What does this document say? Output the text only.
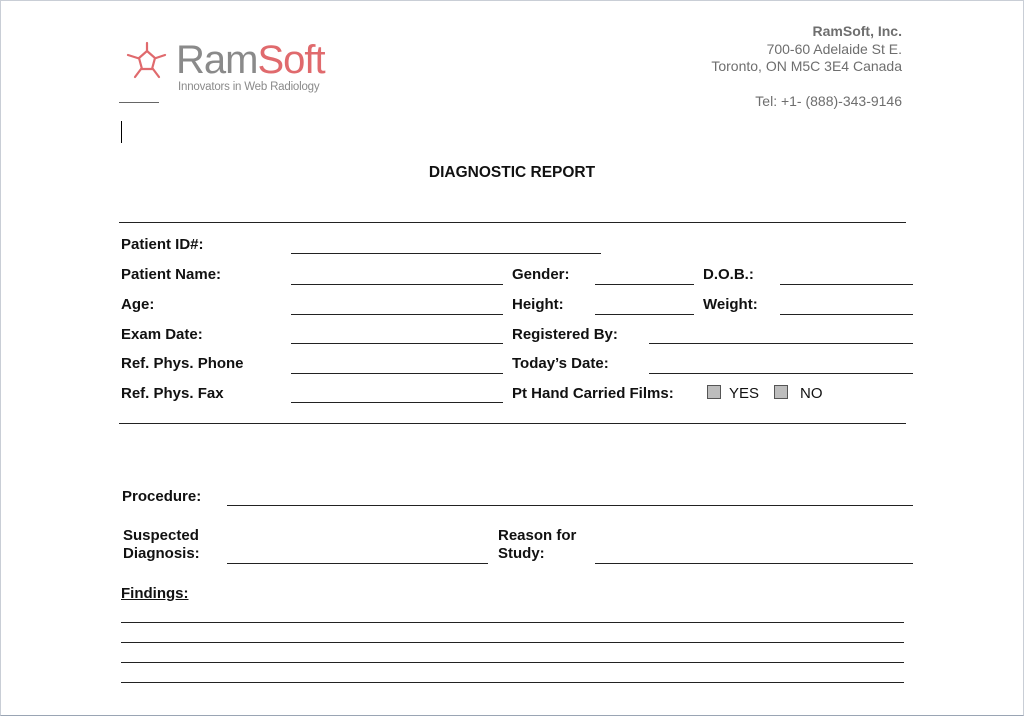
RamSoft
Innovators in Web Radiology
RamSoft, Inc.
700-60 Adelaide St E.
Toronto, ON M5C 3E4 Canada
Tel: +1- (888)-343-9146
DIAGNOSTIC REPORT
Patient ID#:
Patient Name:	Gender:	D.O.B.:
Age:	Height:	Weight:
Exam Date:	Registered By:
Ref. Phys. Phone	Today’s Date:
Ref. Phys. Fax	Pt Hand Carried Films:	YES	NO
Procedure:
Suspected
Diagnosis:
Reason for
Study:
Findings:
